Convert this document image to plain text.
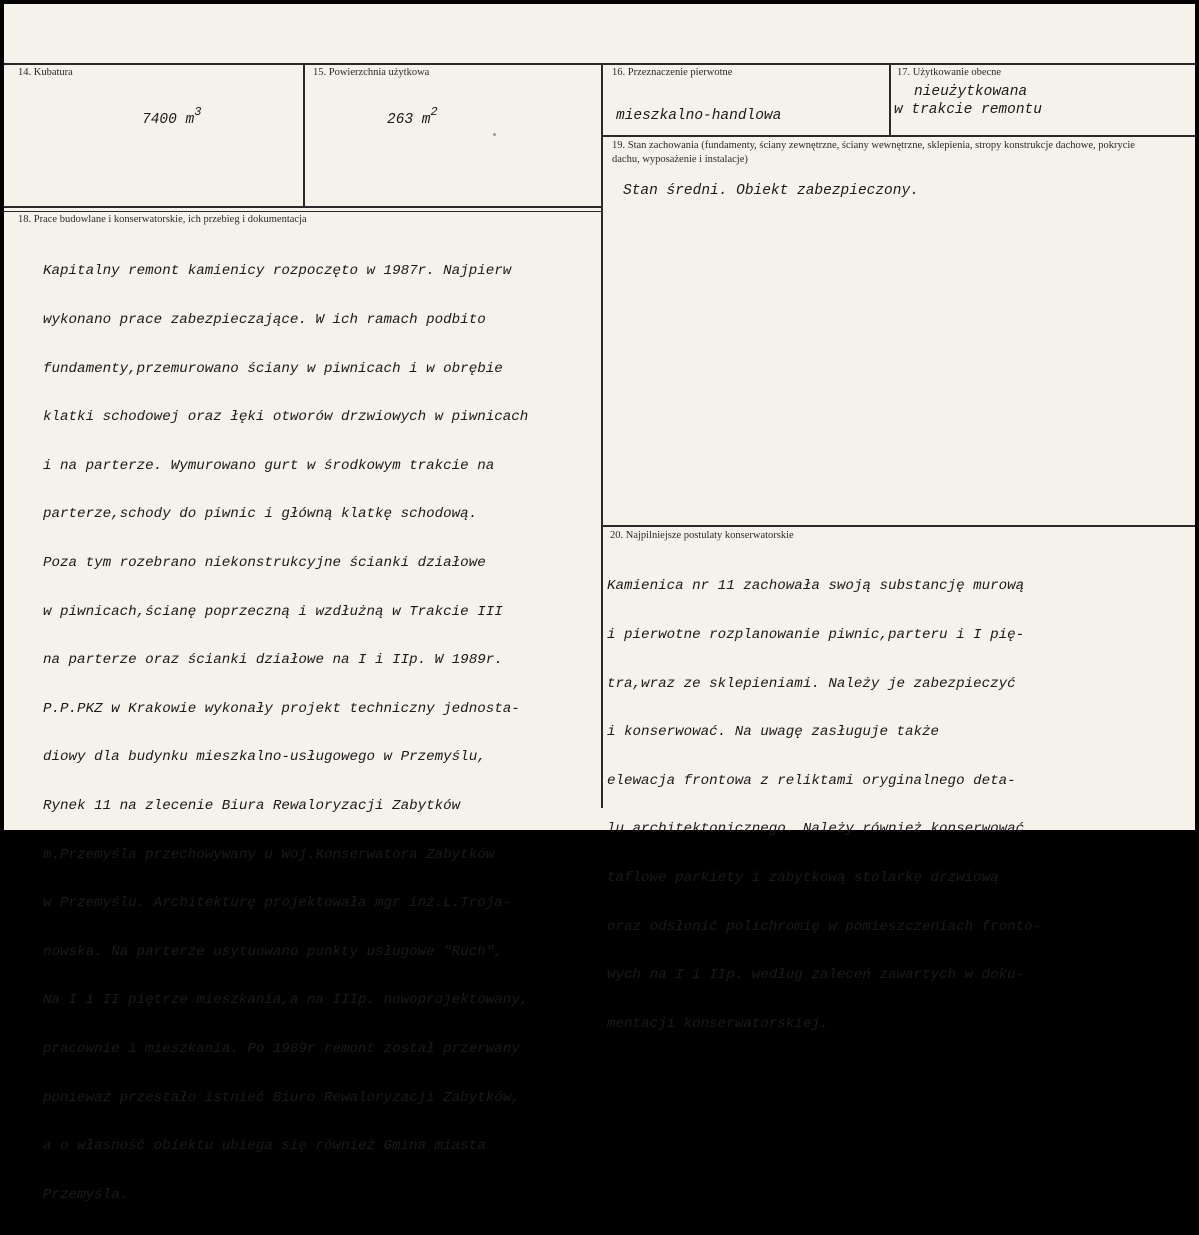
14. Kubatura
7400 $m^3$
15. Powierzchnia użytkowa
263 $m^2$
16. Przeznaczenie pierwotne
mieszkalno-handlowa
17. Użytkowanie obecne
nieużytkowana
w trakcie remontu
18. Prace budowlane i konserwatorskie, ich przebieg i dokumentacja

Kapitalny remont kamienicy rozpoczęto w 1987r. Najpierw

wykonano prace zabezpieczające. W ich ramach podbito

fundamenty,przemurowano ściany w piwnicach i w obrębie

klatki schodowej oraz łęki otworów drzwiowych w piwnicach

i na parterze. Wymurowano gurt w środkowym trakcie na

parterze,schody do piwnic i główną klatkę schodową.

Poza tym rozebrano niekonstrukcyjne ścianki działowe

w piwnicach,ścianę poprzeczną i wzdłużną w Trakcie III

na parterze oraz ścianki działowe na I i IIp. W 1989r.

P.P.PKZ w Krakowie wykonały projekt techniczny jednosta-

diowy dla budynku mieszkalno-usługowego w Przemyślu,

Rynek 11 na zlecenie Biura Rewaloryzacji Zabytków

m.Przemyśla przechowywany u Woj.Konserwatora Zabytków

w Przemyślu. Architekturę projektowała mgr inż.L.Troja-

nowska. Na parterze usytuowano punkty usługowe "Ruch",

Na I i II piętrze mieszkania,a na IIIp. nowoprojektowany,

pracownie i mieszkania. Po 1989r remont został przerwany

ponieważ przestało istnieć Biuro Rewaloryzacji Zabytków,

a o własność obiektu ubiega się również Gmina miasta

Przemyśla.

19. Stan zachowania (fundamenty, ściany zewnętrzne, ściany wewnętrzne, sklepienia, stropy konstrukcje dachowe, pokrycie dachu, wyposażenie i instalacje)
Stan średni. Obiekt zabezpieczony.
20. Najpilniejsze postulaty konserwatorskie

Kamienica nr 11 zachowała swoją substancję murową

i pierwotne rozplanowanie piwnic,parteru i I pię-

tra,wraz ze sklepieniami. Należy je zabezpieczyć

i konserwować. Na uwagę zasługuje także

elewacja frontowa z reliktami oryginalnego deta-

lu architektonicznego. Należy również konserwować

taflowe parkiety i zabytkową stolarkę drzwiową

oraz odsłonić polichromię w pomieszczeniach fronto-

wych na I i IIp. według zaleceń zawartych w doku-

mentacji konserwatorskiej.
